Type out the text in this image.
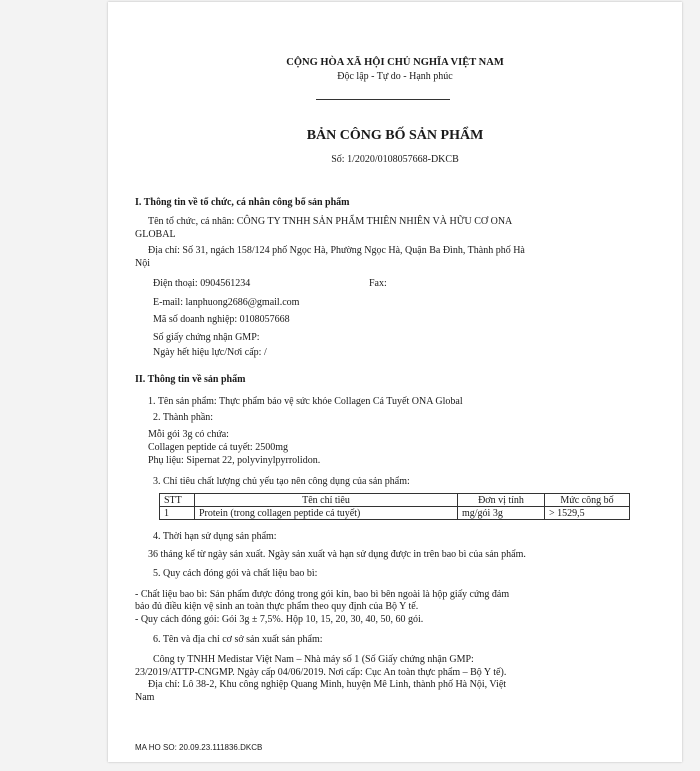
CỘNG HÒA XÃ HỘI CHỦ NGHĨA VIỆT NAM
Độc lập - Tự do - Hạnh phúc
BẢN CÔNG BỐ SẢN PHẨM
Số: 1/2020/0108057668-DKCB
I. Thông tin về tổ chức, cá nhân công bố sản phẩm
Tên tổ chức, cá nhân: CÔNG TY TNHH SẢN PHẨM THIÊN NHIÊN VÀ HỮU CƠ ONA
GLOBAL
Địa chỉ: Số 31, ngách 158/124 phố Ngọc Hà, Phường Ngọc Hà, Quận Ba Đình, Thành phố Hà
Nội
Điện thoại: 0904561234	Fax:
E-mail: lanphuong2686@gmail.com
Mã số doanh nghiệp: 0108057668
Số giấy chứng nhận GMP:
Ngày hết hiệu lực/Nơi cấp: /
II. Thông tin về sản phẩm
1. Tên sản phẩm: Thực phẩm bảo vệ sức khỏe Collagen Cá Tuyết ONA Global
2. Thành phần:
Mỗi gói 3g có chứa:
Collagen peptide cá tuyết: 2500mg
Phụ liệu: Sipernat 22, polyvinylpyrrolidon.
3. Chỉ tiêu chất lượng chủ yếu tạo nên công dụng của sản phẩm:
STT	Tên chỉ tiêu	Đơn vị tính	Mức công bố
1	Protein (trong collagen peptide cá tuyết)	mg/gói 3g	> 1529,5
4. Thời hạn sử dụng sản phẩm:
36 tháng kể từ ngày sản xuất. Ngày sản xuất và hạn sử dụng được in trên bao bì của sản phẩm.
5. Quy cách đóng gói và chất liệu bao bì:
- Chất liệu bao bì: Sản phẩm được đóng trong gói kín, bao bì bên ngoài là hộp giấy cứng đảm
bảo đủ điều kiện vệ sinh an toàn thực phẩm theo quy định của Bộ Y tế.
- Quy cách đóng gói: Gói 3g ± 7,5%. Hộp 10, 15, 20, 30, 40, 50, 60 gói.
6. Tên và địa chỉ cơ sở sản xuất sản phẩm:
Công ty TNHH Medistar Việt Nam – Nhà máy số 1 (Số Giấy chứng nhận GMP:
23/2019/ATTP-CNGMP. Ngày cấp 04/06/2019. Nơi cấp: Cục An toàn thực phẩm – Bộ Y tế).
Địa chỉ: Lô 38-2, Khu công nghiệp Quang Minh, huyện Mê Linh, thành phố Hà Nội, Việt
Nam
MA HO SO: 20.09.23.111836.DKCB
